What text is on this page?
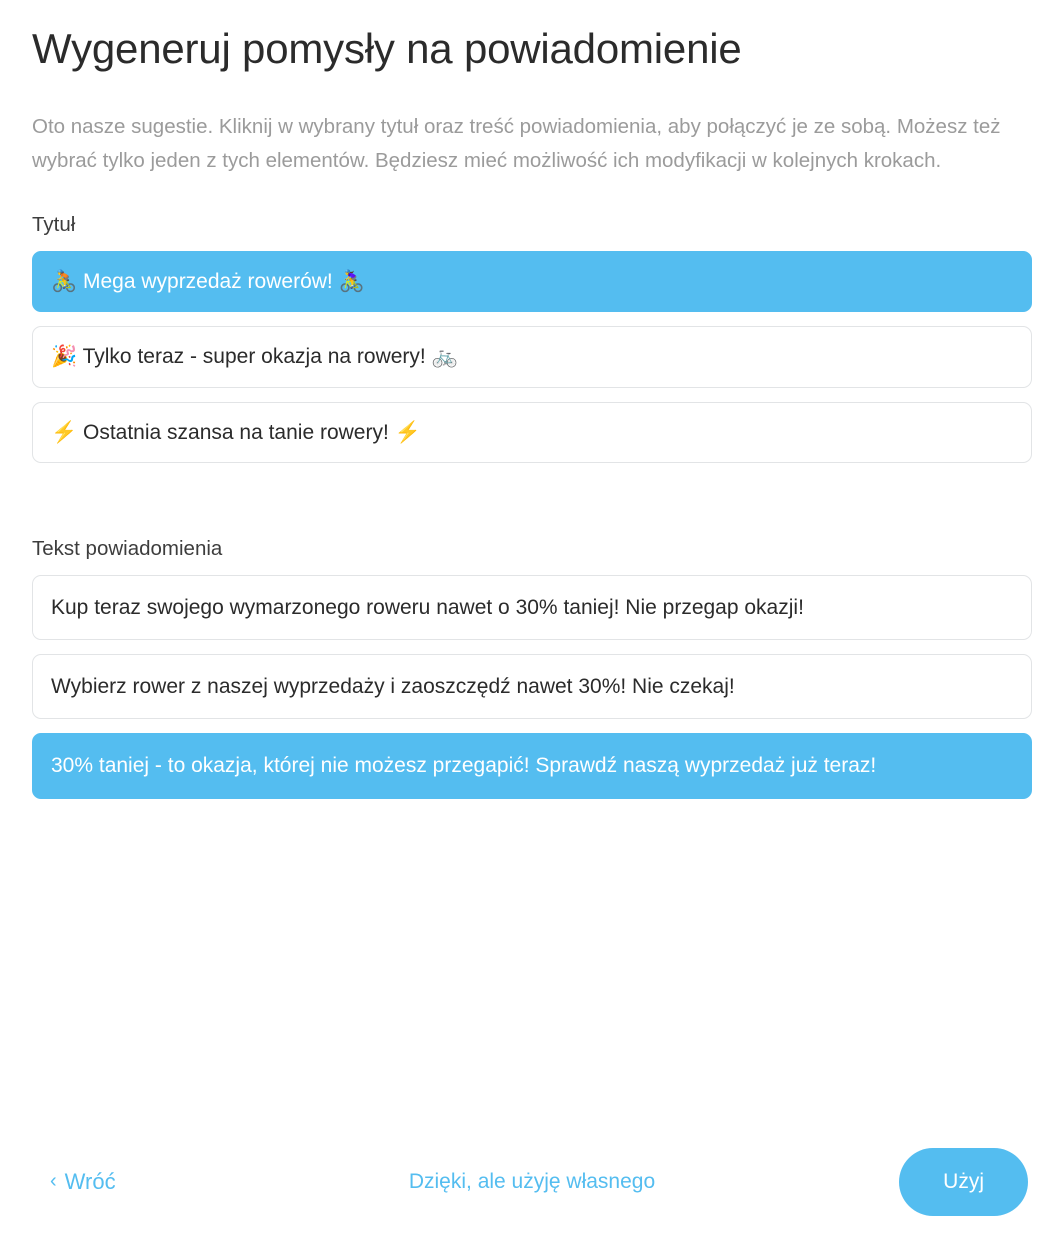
Wygeneruj pomysły na powiadomienie

Oto nasze sugestie. Kliknij w wybrany tytuł oraz treść powiadomienia, aby połączyć je ze sobą. Możesz też wybrać tylko jeden z tych elementów. Będziesz mieć możliwość ich modyfikacji w kolejnych krokach.

Tytuł
🚴 Mega wyprzedaż rowerów! 🚴‍♀️
🎉 Tylko teraz - super okazja na rowery! 🚲
⚡ Ostatnia szansa na tanie rowery! ⚡
Tekst powiadomienia
Kup teraz swojego wymarzonego roweru nawet o 30% taniej! Nie przegap okazji!
Wybierz rower z naszej wyprzedaży i zaoszczędź nawet 30%! Nie czekaj!
30% taniej - to okazja, której nie możesz przegapić! Sprawdź naszą wyprzedaż już teraz!
‹ Wróć	Dzięki, ale użyję własnego	Użyj
